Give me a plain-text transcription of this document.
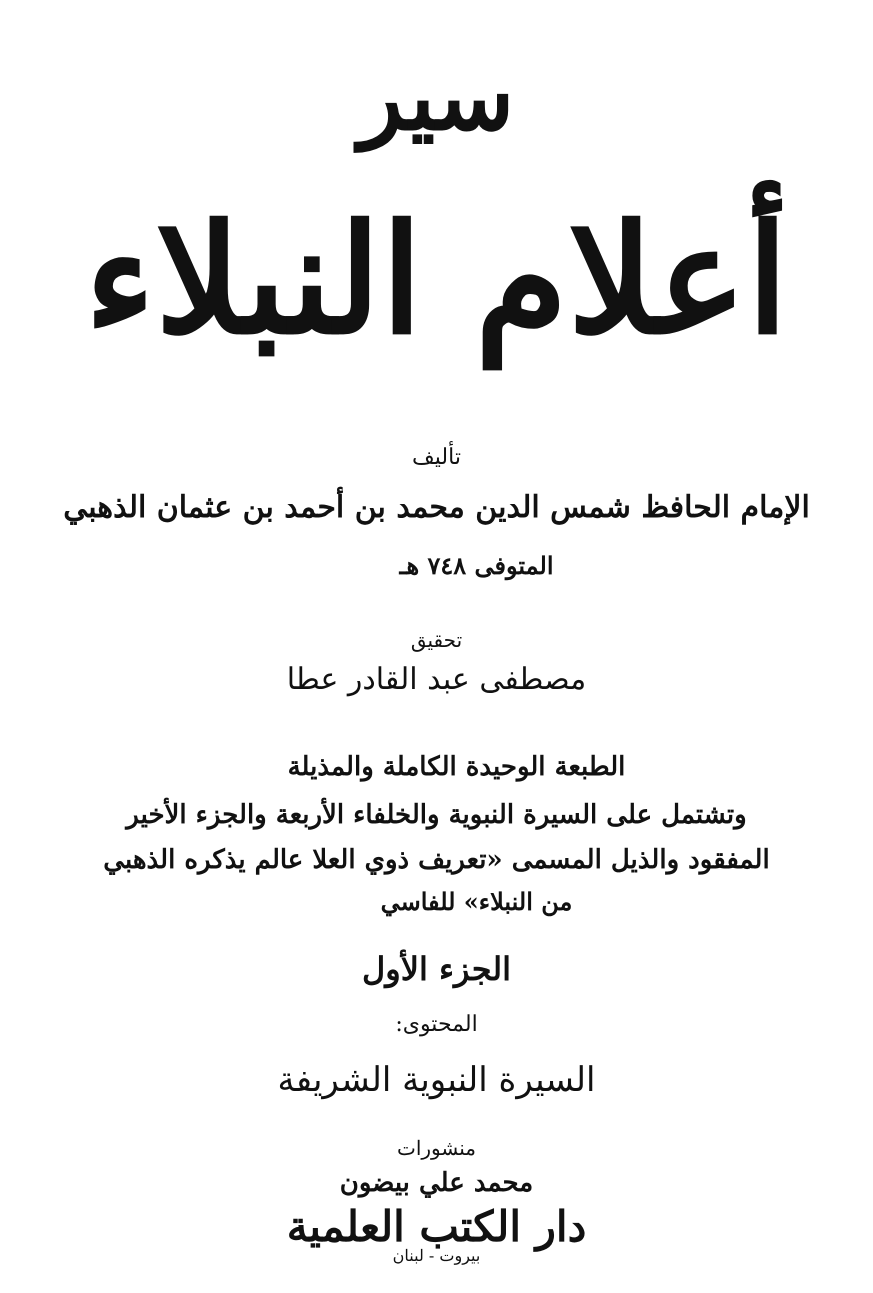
سير
أعلام النبلاء
تأليف
الإمام الحافظ شمس الدين محمد بن أحمد بن عثمان الذهبي
المتوفى ٧٤٨ هـ
تحقيق
مصطفى عبد القادر عطا
الطبعة الوحيدة الكاملة والمذيلة
وتشتمل على السيرة النبوية والخلفاء الأربعة والجزء الأخير
المفقود والذيل المسمى «تعريف ذوي العلا عالم يذكره الذهبي
من النبلاء» للفاسي
الجزء الأول
المحتوى:
السيرة النبوية الشريفة
منشورات
محمد علي بيضون
دار الكتب العلمية
بيروت - لبنان
